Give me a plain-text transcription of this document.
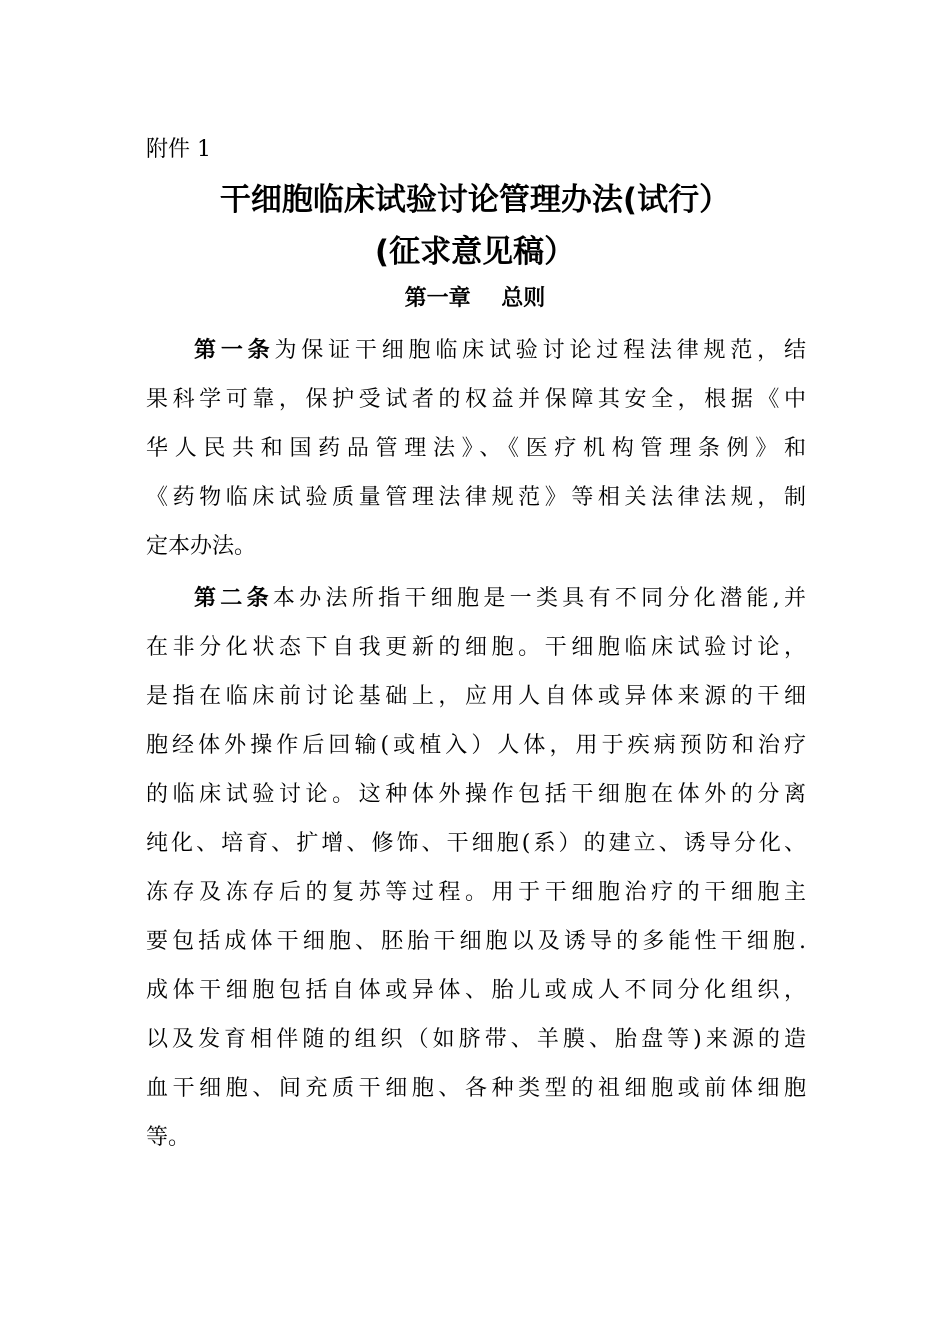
附件 1
干细胞临床试验讨论管理办法(试行）
(征求意见稿）
第一章    总则
第一条为保证干细胞临床试验讨论过程法律规范，结
果科学可靠，保护受试者的权益并保障其安全，根据《中
华人民共和国药品管理法》、《医疗机构管理条例》和
《药物临床试验质量管理法律规范》等相关法律法规，制
定本办法。
第二条本办法所指干细胞是一类具有不同分化潜能,并
在非分化状态下自我更新的细胞。干细胞临床试验讨论，
是指在临床前讨论基础上，应用人自体或异体来源的干细
胞经体外操作后回输(或植入）人体，用于疾病预防和治疗
的临床试验讨论。这种体外操作包括干细胞在体外的分离
纯化、培育、扩增、修饰、干细胞(系）的建立、诱导分化、
冻存及冻存后的复苏等过程。用于干细胞治疗的干细胞主
要包括成体干细胞、胚胎干细胞以及诱导的多能性干细胞.
成体干细胞包括自体或异体、胎儿或成人不同分化组织，
以及发育相伴随的组织（如脐带、羊膜、胎盘等)来源的造
血干细胞、间充质干细胞、各种类型的祖细胞或前体细胞
等。
